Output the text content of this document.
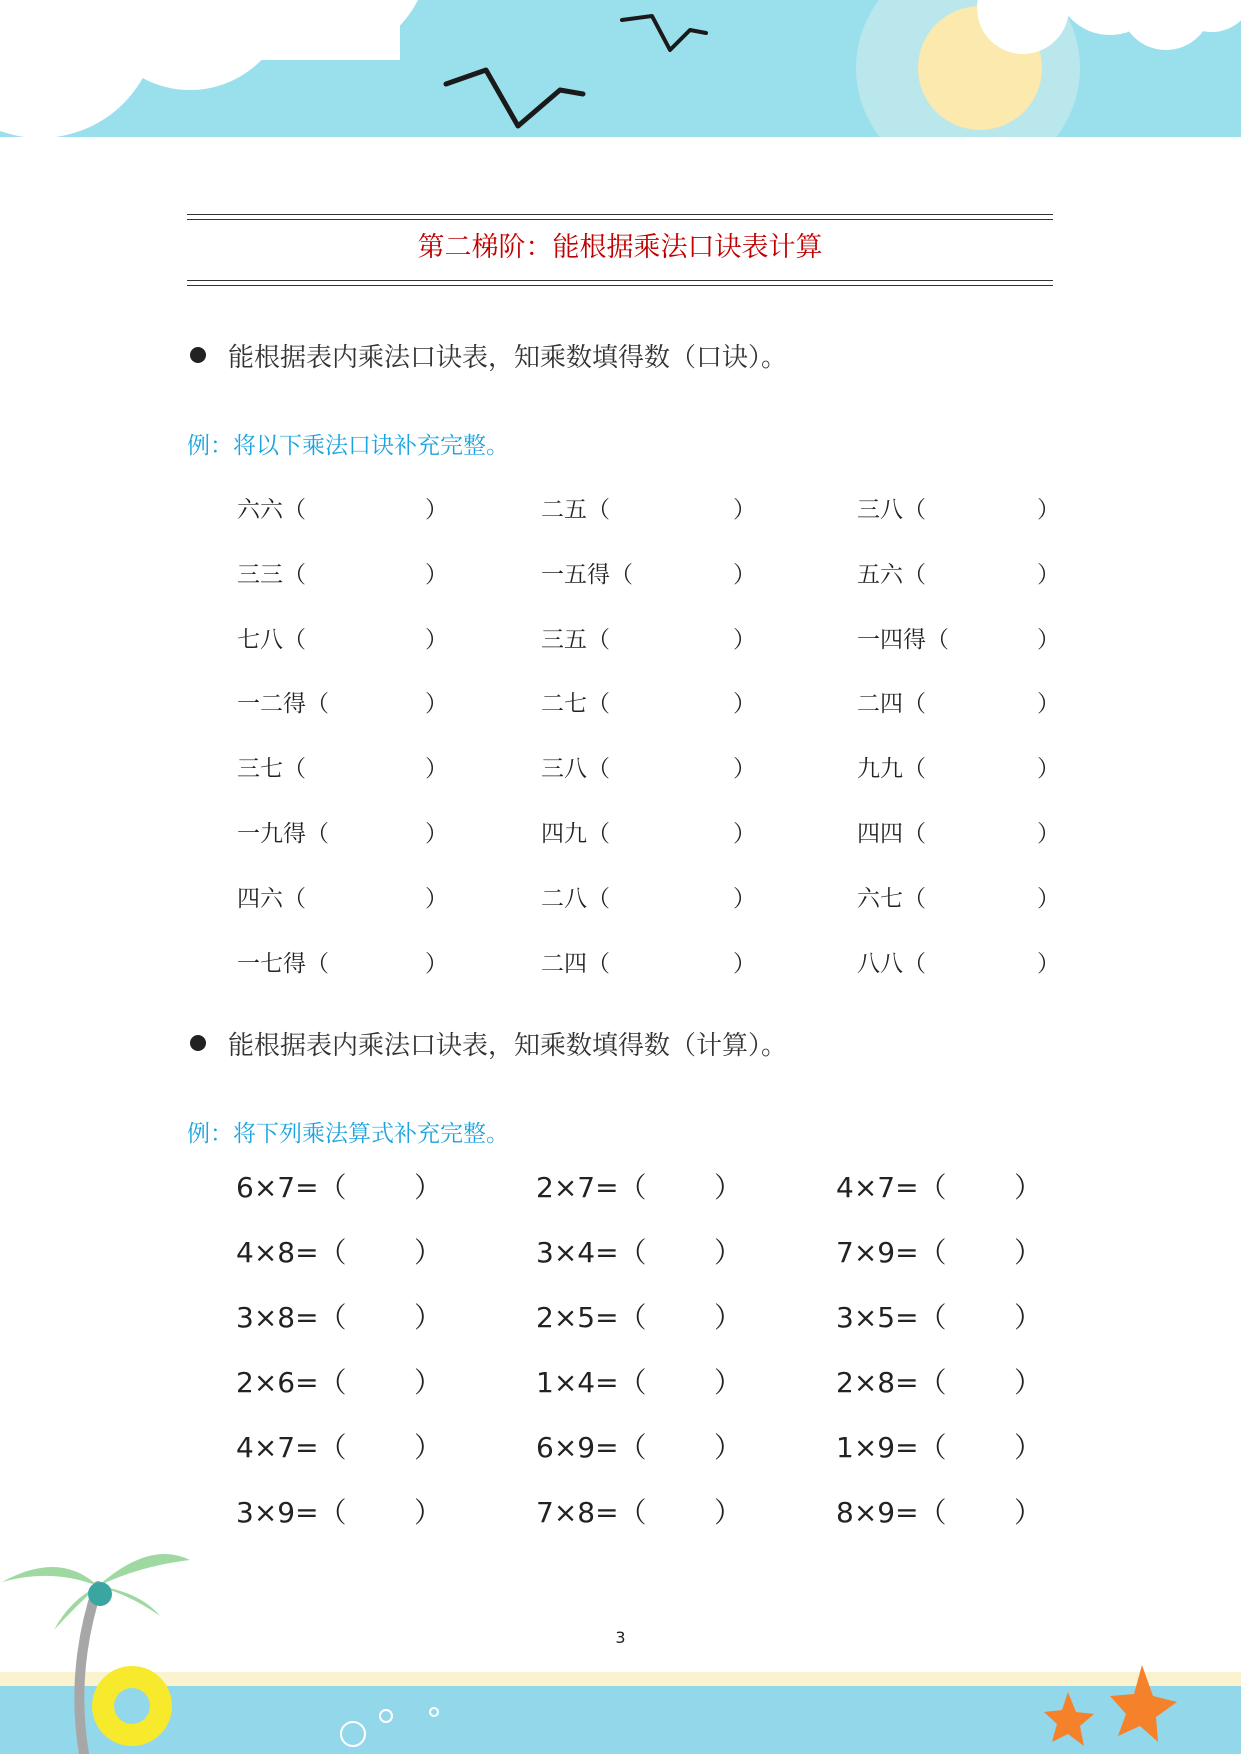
第二梯阶：能根据乘法口诀表计算
能根据表内乘法口诀表，知乘数填得数（口诀）。
例：将以下乘法口诀补充完整。
六六（	）	二五（	）	三八（	）
三三（	）	一五得（	）	五六（	）
七八（	）	三五（	）	一四得（	）
一二得（	）	二七（	）	二四（	）
三七（	）	三八（	）	九九（	）
一九得（	）	四九（	）	四四（	）
四六（	）	二八（	）	六七（	）
一七得（	）	二四（	）	八八（	）
能根据表内乘法口诀表，知乘数填得数（计算）。
例：将下列乘法算式补充完整。
6×7=（ ）	2×7=（ ）	4×7=（ ）
4×8=（ ）	3×4=（ ）	7×9=（ ）
3×8=（ ）	2×5=（ ）	3×5=（ ）
2×6=（ ）	1×4=（ ）	2×8=（ ）
4×7=（ ）	6×9=（ ）	1×9=（ ）
3×9=（ ）	7×8=（ ）	8×9=（ ）
3
